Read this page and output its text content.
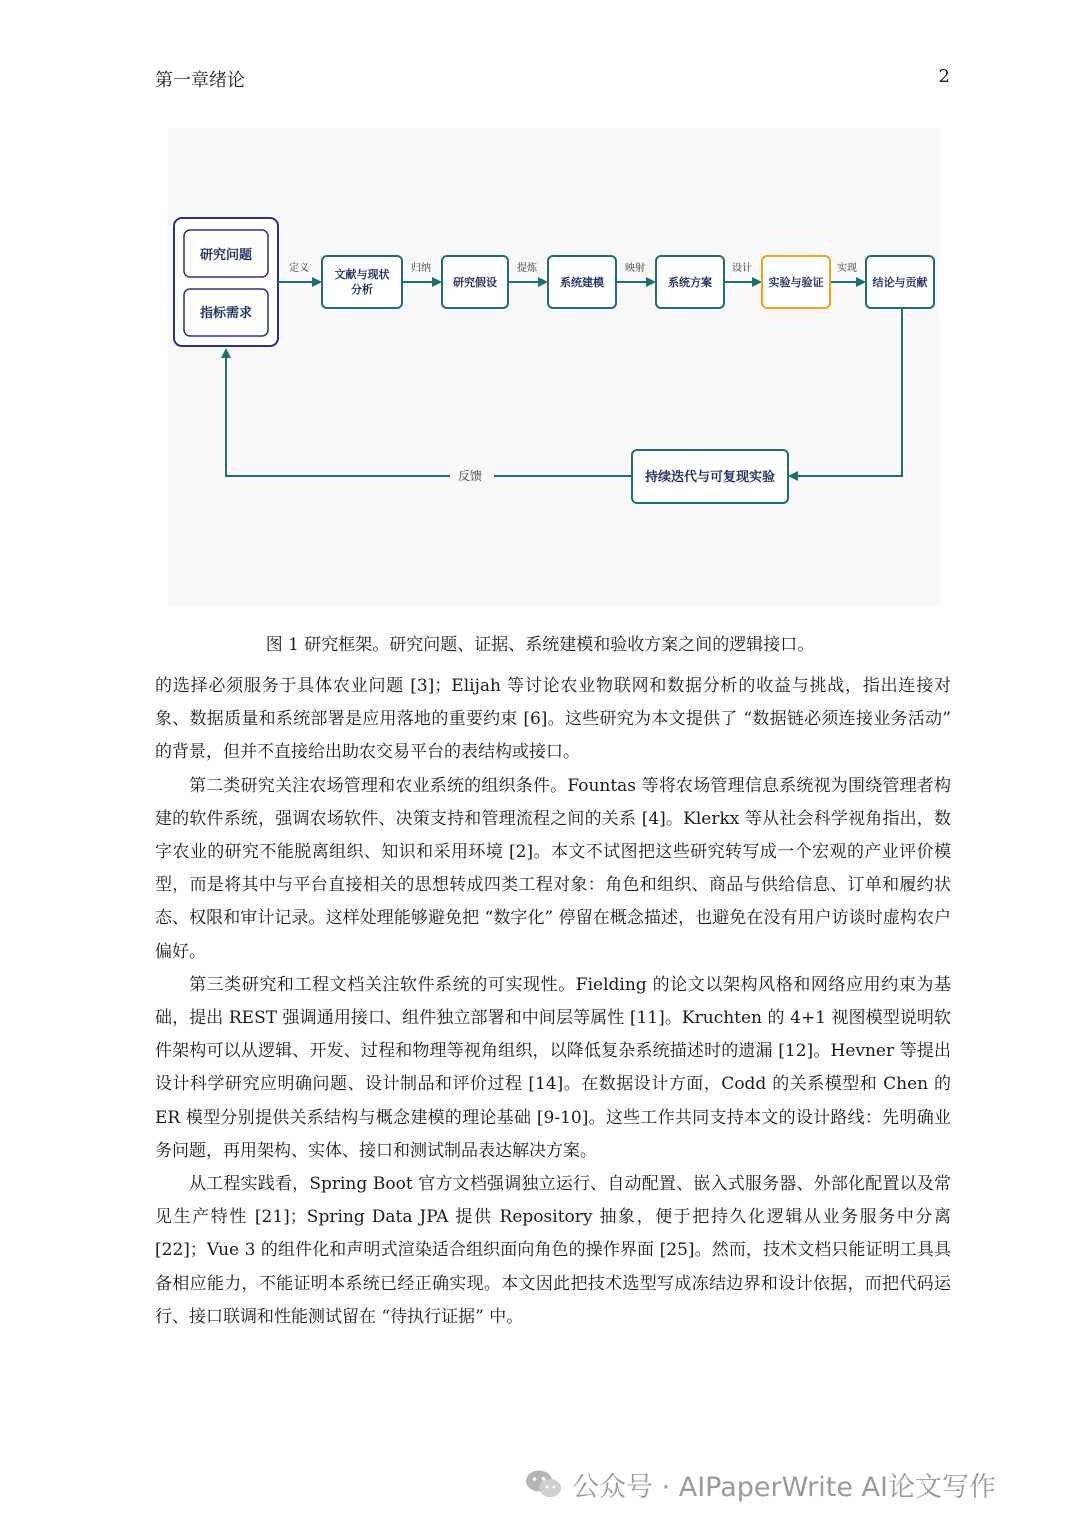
第一章绪论	2
研究问题
指标需求
定义	归纳	提炼	映射	设计	实现
文献与现状
分析
研究假设	系统建模	系统方案	实验与验证	结论与贡献
持续迭代与可复现实验
反馈
图 1 研究框架。研究问题、证据、系统建模和验收方案之间的逻辑接口。

的选择必须服务于具体农业问题 [3]；Elijah 等讨论农业物联网和数据分析的收益与挑战，指出连接对象、数据质量和系统部署是应用落地的重要约束 [6]。这些研究为本文提供了 “数据链必须连接业务活动” 的背景，但并不直接给出助农交易平台的表结构或接口。

第二类研究关注农场管理和农业系统的组织条件。Fountas 等将农场管理信息系统视为围绕管理者构建的软件系统，强调农场软件、决策支持和管理流程之间的关系 [4]。Klerkx 等从社会科学视角指出，数字农业的研究不能脱离组织、知识和采用环境 [2]。本文不试图把这些研究转写成一个宏观的产业评价模型，而是将其中与平台直接相关的思想转成四类工程对象：角色和组织、商品与供给信息、订单和履约状态、权限和审计记录。这样处理能够避免把 “数字化” 停留在概念描述，也避免在没有用户访谈时虚构农户偏好。

第三类研究和工程文档关注软件系统的可实现性。Fielding 的论文以架构风格和网络应用约束为基础，提出 REST 强调通用接口、组件独立部署和中间层等属性 [11]。Kruchten 的 4+1 视图模型说明软件架构可以从逻辑、开发、过程和物理等视角组织，以降低复杂系统描述时的遗漏 [12]。Hevner 等提出设计科学研究应明确问题、设计制品和评价过程 [14]。在数据设计方面，Codd 的关系模型和 Chen 的 ER 模型分别提供关系结构与概念建模的理论基础 [9-10]。这些工作共同支持本文的设计路线：先明确业务问题，再用架构、实体、接口和测试制品表达解决方案。

从工程实践看，Spring Boot 官方文档强调独立运行、自动配置、嵌入式服务器、外部化配置以及常见生产特性 [21]；Spring Data JPA 提供 Repository 抽象，便于把持久化逻辑从业务服务中分离 [22]；Vue 3 的组件化和声明式渲染适合组织面向角色的操作界面 [25]。然而，技术文档只能证明工具具备相应能力，不能证明本系统已经正确实现。本文因此把技术选型写成冻结边界和设计依据，而把代码运行、接口联调和性能测试留在 “待执行证据” 中。

公众号 · AIPaperWrite AI论文写作
